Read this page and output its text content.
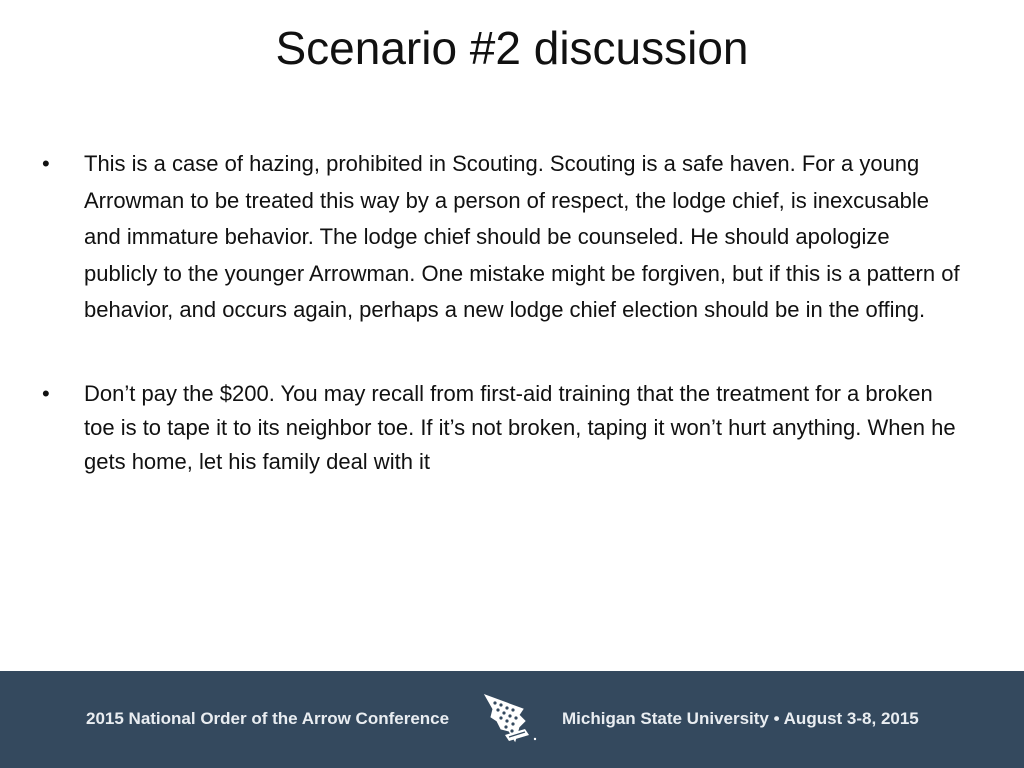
Scenario #2 discussion
• This is a case of hazing, prohibited in Scouting. Scouting is a safe haven. For a young Arrowman to be treated this way by a person of respect, the lodge chief, is inexcusable and immature behavior. The lodge chief should be counseled. He should apologize publicly to the younger Arrowman. One mistake might be forgiven, but if this is a pattern of behavior, and occurs again, perhaps a new lodge chief election should be in the offing.
• Don’t pay the $200. You may recall from first-aid training that the treatment for a broken toe is to tape it to its neighbor toe. If it’s not broken, taping it won’t hurt anything. When he gets home, let his family deal with it
2015 National Order of the Arrow Conference	Michigan State University • August 3-8, 2015
